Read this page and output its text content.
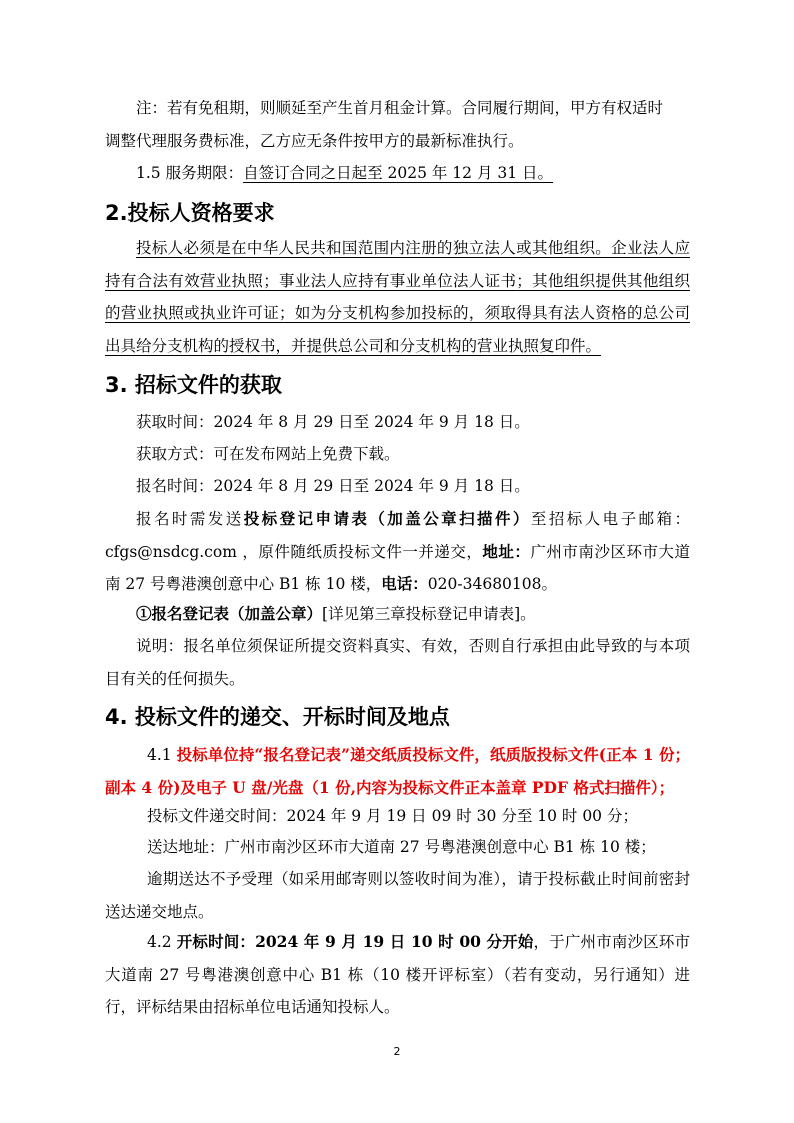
注：若有免租期，则顺延至产生首月租金计算。合同履行期间，甲方有权适时

调整代理服务费标准，乙方应无条件按甲方的最新标准执行。

1.5 服务期限：自签订合同之日起至 2025 年 12 月 31 日。

2.投标人资格要求

投标人必须是在中华人民共和国范围内注册的独立法人或其他组织。企业法人应持有合法有效营业执照；事业法人应持有事业单位法人证书；其他组织提供其他组织的营业执照或执业许可证；如为分支机构参加投标的，须取得具有法人资格的总公司出具给分支机构的授权书，并提供总公司和分支机构的营业执照复印件。

3. 招标文件的获取

获取时间：2024 年 8 月 29 日至 2024 年 9 月 18 日。

获取方式：可在发布网站上免费下载。

报名时间：2024 年 8 月 29 日至 2024 年 9 月 18 日。

报名时需发送投标登记申请表（加盖公章扫描件）至招标人电子邮箱：cfgs@nsdcg.com ，原件随纸质投标文件一并递交，地址：广州市南沙区环市大道南 27 号粤港澳创意中心 B1 栋 10 楼，电话：020-34680108。

①报名登记表（加盖公章）[详见第三章投标登记申请表]。

说明：报名单位须保证所提交资料真实、有效，否则自行承担由此导致的与本项目有关的任何损失。

4. 投标文件的递交、开标时间及地点

4.1 投标单位持“报名登记表”递交纸质投标文件，纸质版投标文件(正本 1 份；副本 4 份)及电子 U 盘/光盘（1 份,内容为投标文件正本盖章 PDF 格式扫描件）；

投标文件递交时间：2024 年 9 月 19 日 09 时 30 分至 10 时 00 分；

送达地址：广州市南沙区环市大道南 27 号粤港澳创意中心 B1 栋 10 楼；

逾期送达不予受理（如采用邮寄则以签收时间为准），请于投标截止时间前密封送达递交地点。

4.2 开标时间：2024 年 9 月 19 日 10 时 00 分开始，于广州市南沙区环市大道南 27 号粤港澳创意中心 B1 栋（10 楼开评标室）（若有变动，另行通知）进行，评标结果由招标单位电话通知投标人。

2
